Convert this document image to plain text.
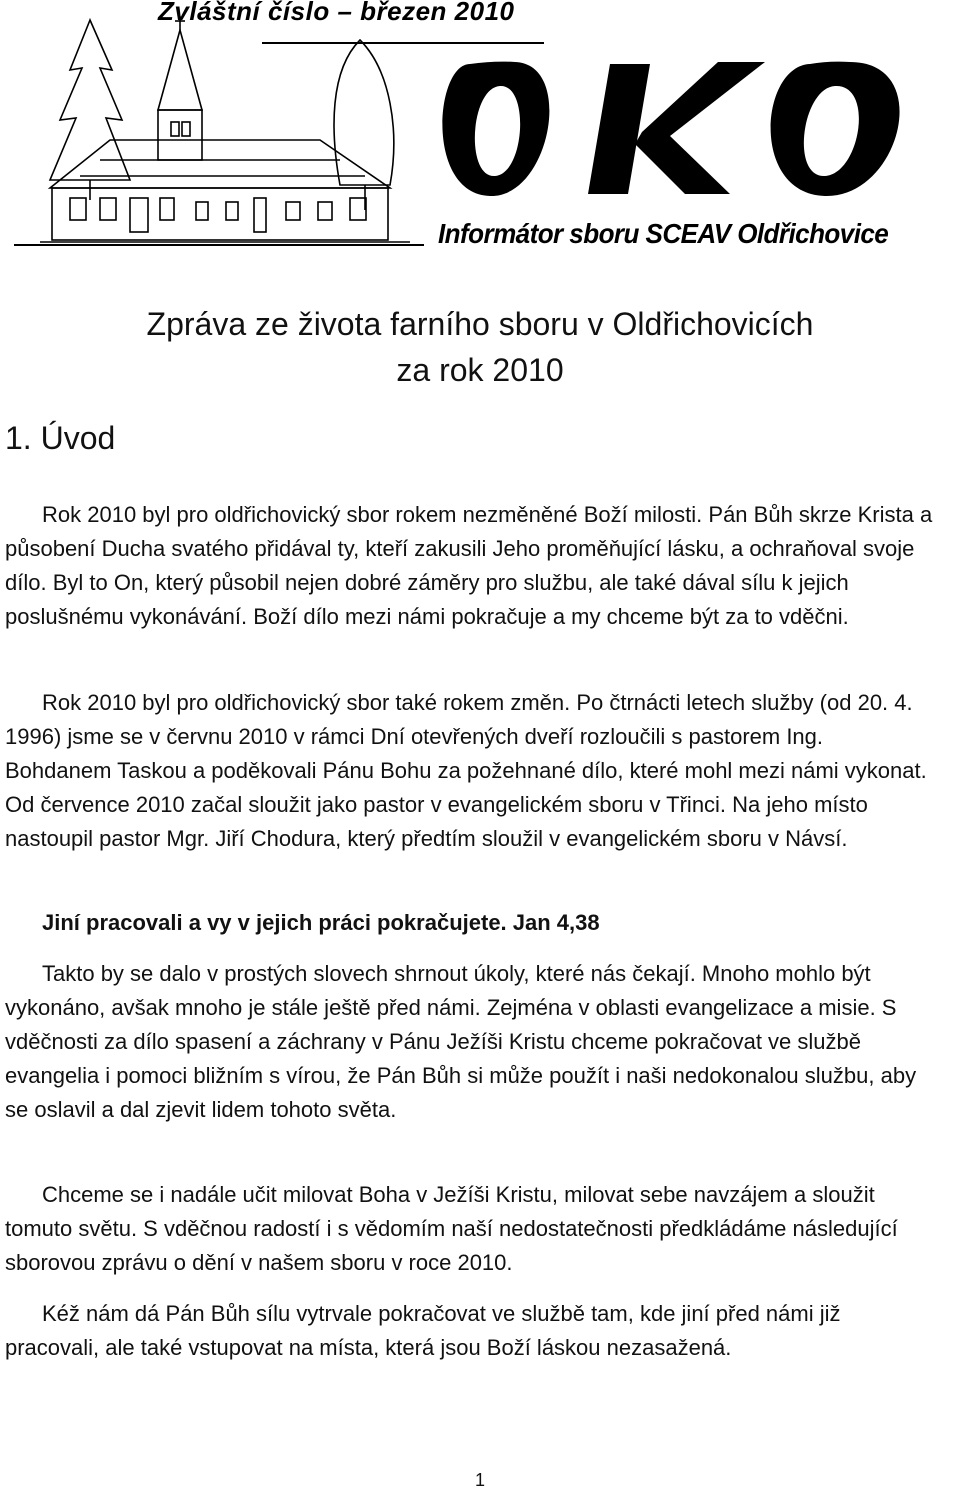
Zvláštní číslo – březen 2010
Informátor sboru SCEAV Oldřichovice
Zpráva ze života farního sboru v Oldřichovicích
za rok 2010
1. Úvod

Rok 2010 byl pro oldřichovický sbor rokem nezměněné Boží milosti. Pán Bůh skrze Krista a působení Ducha svatého přidával ty, kteří zakusili Jeho proměňující lásku, a ochraňoval svoje dílo. Byl to On, který působil nejen dobré záměry pro službu, ale také dával sílu k jejich poslušnému vykonávání. Boží dílo mezi námi pokračuje a my chceme být za to vděčni.

Rok 2010 byl pro oldřichovický sbor také rokem změn. Po čtrnácti letech služby (od 20. 4. 1996) jsme se v červnu 2010 v rámci Dní otevřených dveří rozloučili s pastorem Ing. Bohdanem Taskou a poděkovali Pánu Bohu za požehnané dílo, které mohl mezi námi vykonat. Od července 2010 začal sloužit jako pastor v evangelickém sboru v Třinci. Na jeho místo nastoupil pastor Mgr. Jiří Chodura, který předtím sloužil v evangelickém sboru v Návsí.

Jiní pracovali a vy v jejich práci pokračujete. Jan 4,38

Takto by se dalo v prostých slovech shrnout úkoly, které nás čekají. Mnoho mohlo být vykonáno, avšak mnoho je stále ještě před námi. Zejména v oblasti evangelizace a misie. S vděčnosti za dílo spasení a záchrany v Pánu Ježíši Kristu chceme pokračovat ve službě evangelia i pomoci bližním s vírou, že Pán Bůh si může použít i naši nedokonalou službu, aby se oslavil a dal zjevit lidem tohoto světa.

Chceme se i nadále učit milovat Boha v Ježíši Kristu, milovat sebe navzájem a sloužit tomuto světu. S vděčnou radostí i s vědomím naší nedostatečnosti předkládáme následující sborovou zprávu o dění v našem sboru v roce 2010.

Kéž nám dá Pán Bůh sílu vytrvale pokračovat ve službě tam, kde jiní před námi již pracovali, ale také vstupovat na místa, která jsou Boží láskou nezasažená.

1
